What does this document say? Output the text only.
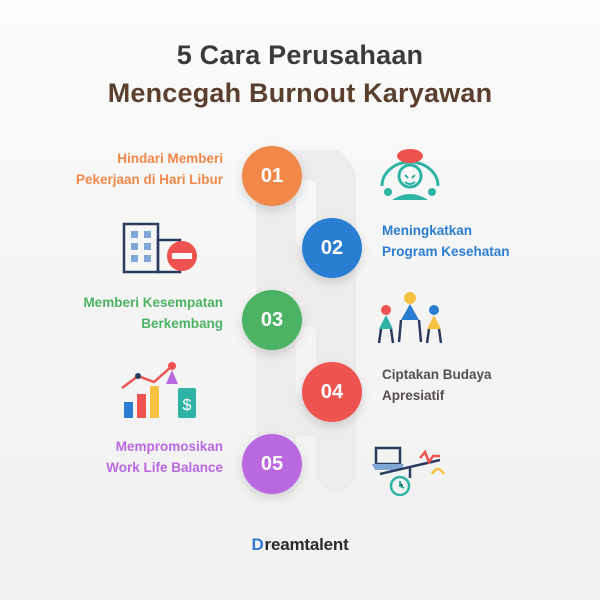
5 Cara Perusahaan
Mencegah Burnout Karyawan
Hindari Memberi
Pekerjaan di Hari Libur	01
02
Meningkatkan
Program Kesehatan
Memberi Kesempatan
Berkembang	03
$
04
Ciptakan Budaya
Apresiatif
Mempromosikan
Work Life Balance	05
Dreamtalent
